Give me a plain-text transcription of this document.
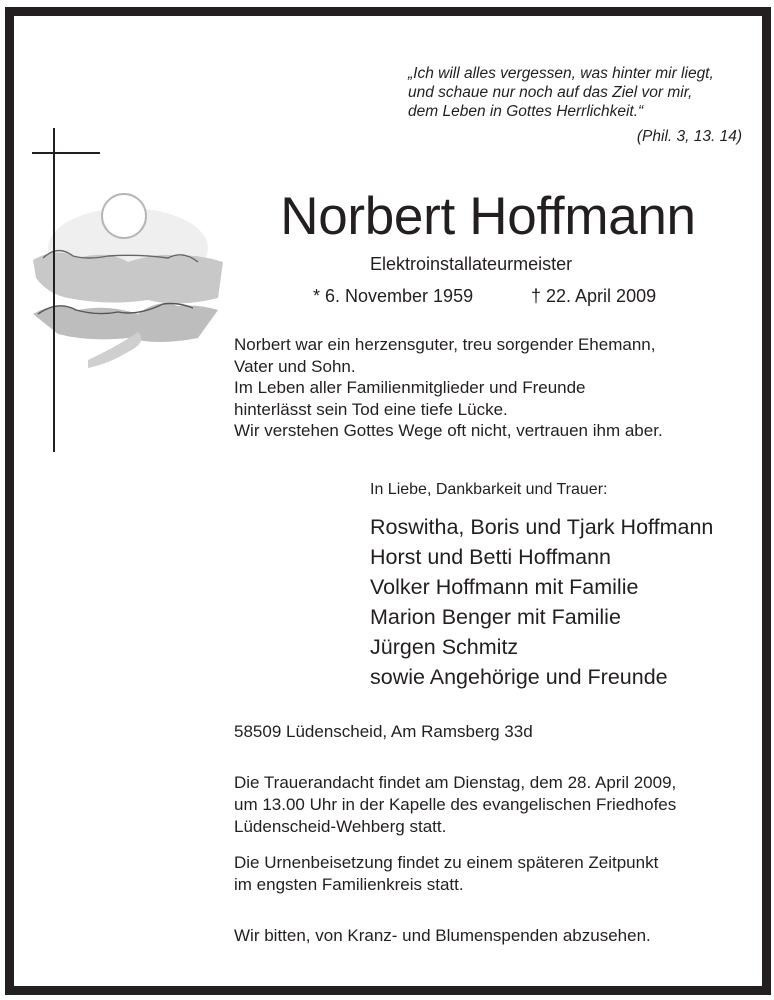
„Ich will alles vergessen, was hinter mir liegt,
und schaue nur noch auf das Ziel vor mir,
dem Leben in Gottes Herrlichkeit.“
(Phil. 3, 13. 14)
Norbert Hoffmann
Elektroinstallateurmeister
* 6. November 1959	† 22. April 2009
Norbert war ein herzensguter, treu sorgender Ehemann,
Vater und Sohn.
Im Leben aller Familienmitglieder und Freunde
hinterlässt sein Tod eine tiefe Lücke.
Wir verstehen Gottes Wege oft nicht, vertrauen ihm aber.
In Liebe, Dankbarkeit und Trauer:
Roswitha, Boris und Tjark Hoffmann
Horst und Betti Hoffmann
Volker Hoffmann mit Familie
Marion Benger mit Familie
Jürgen Schmitz
sowie Angehörige und Freunde
58509 Lüdenscheid, Am Ramsberg 33d
Die Trauerandacht findet am Dienstag, dem 28. April 2009,
um 13.00 Uhr in der Kapelle des evangelischen Friedhofes
Lüdenscheid-Wehberg statt.
Die Urnenbeisetzung findet zu einem späteren Zeitpunkt
im engsten Familienkreis statt.
Wir bitten, von Kranz- und Blumenspenden abzusehen.
